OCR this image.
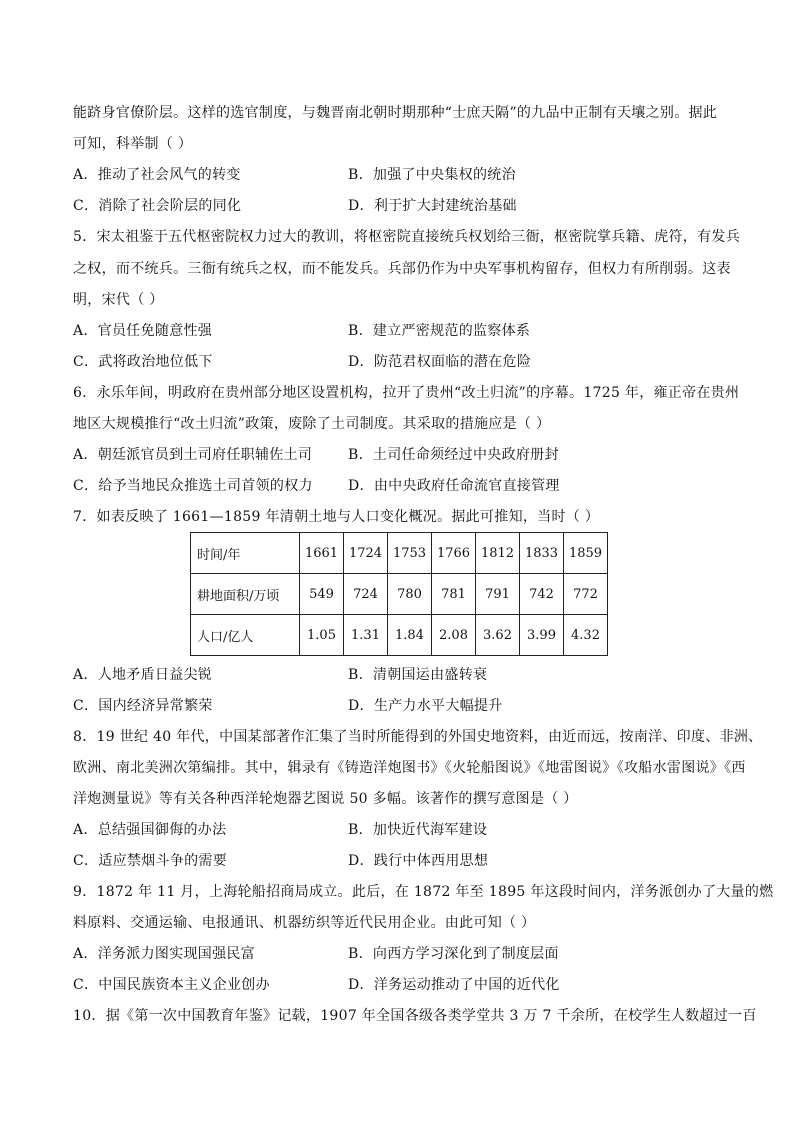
能跻身官僚阶层。这样的选官制度，与魏晋南北朝时期那种“士庶天隔”的九品中正制有天壤之别。据此
可知，科举制（ ）
A．推动了社会风气的转变	B．加强了中央集权的统治
C．消除了社会阶层的同化	D．利于扩大封建统治基础
5．宋太祖鉴于五代枢密院权力过大的教训，将枢密院直接统兵权划给三衙，枢密院掌兵籍、虎符，有发兵
之权，而不统兵。三衙有统兵之权，而不能发兵。兵部仍作为中央军事机构留存，但权力有所削弱。这表
明，宋代（ ）
A．官员任免随意性强	B．建立严密规范的监察体系
C．武将政治地位低下	D．防范君权面临的潜在危险
6．永乐年间，明政府在贵州部分地区设置机构，拉开了贵州“改土归流”的序幕。1725 年，雍正帝在贵州
地区大规模推行“改土归流”政策，废除了土司制度。其采取的措施应是（ ）
A．朝廷派官员到土司府任职辅佐土司	B．土司任命须经过中央政府册封
C．给予当地民众推选土司首领的权力	D．由中央政府任命流官直接管理
7．如表反映了 1661—1859 年清朝土地与人口变化概况。据此可推知，当时（ ）
时间/年	1661	1724	1753	1766	1812	1833	1859
耕地面积/万顷	549	724	780	781	791	742	772
人口/亿人	1.05	1.31	1.84	2.08	3.62	3.99	4.32
A．人地矛盾日益尖锐	B．清朝国运由盛转衰
C．国内经济异常繁荣	D．生产力水平大幅提升
8．19 世纪 40 年代，中国某部著作汇集了当时所能得到的外国史地资料，由近而远，按南洋、印度、非洲、
欧洲、南北美洲次第编排。其中，辑录有《铸造洋炮图书》《火轮船图说》《地雷图说》《攻船水雷图说》《西
洋炮测量说》等有关各种西洋轮炮器艺图说 50 多幅。该著作的撰写意图是（ ）
A．总结强国御侮的办法	B．加快近代海军建设
C．适应禁烟斗争的需要	D．践行中体西用思想
9．1872 年 11 月，上海轮船招商局成立。此后，在 1872 年至 1895 年这段时间内，洋务派创办了大量的燃
料原料、交通运输、电报通讯、机器纺织等近代民用企业。由此可知（ ）
A．洋务派力图实现国强民富	B．向西方学习深化到了制度层面
C．中国民族资本主义企业创办	D．洋务运动推动了中国的近代化
10．据《第一次中国教育年鉴》记载，1907 年全国各级各类学堂共 3 万 7 千余所，在校学生人数超过一百
